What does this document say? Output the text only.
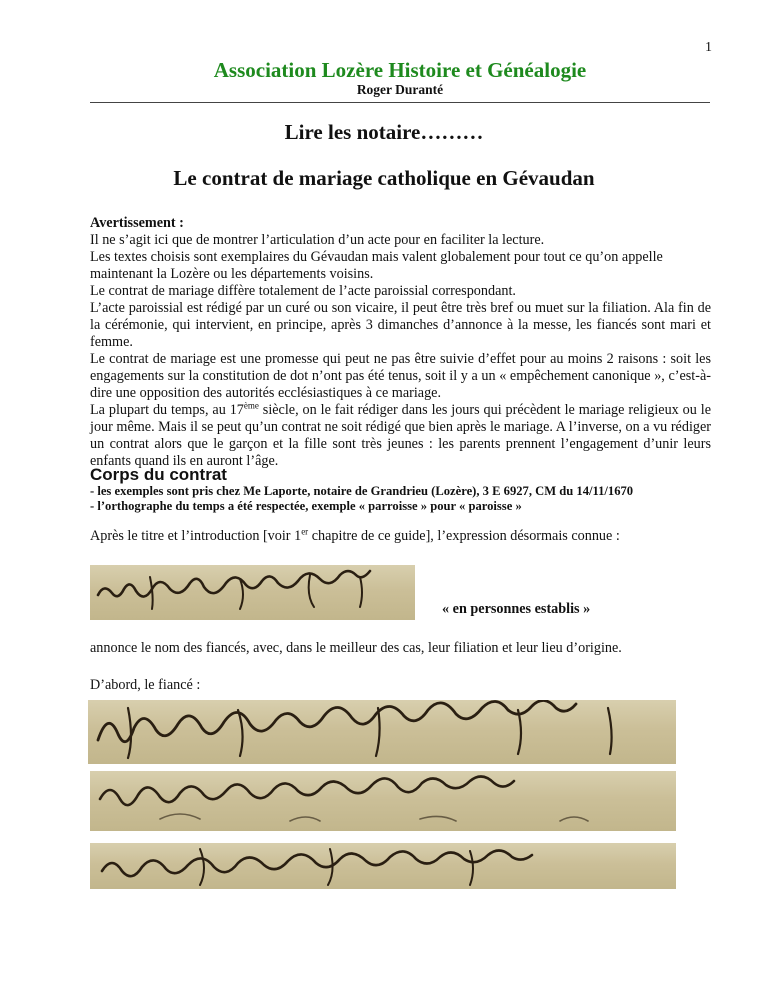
1
Association Lozère Histoire et Généalogie
Roger Duranté
Lire les notaire………
Le contrat de mariage catholique en Gévaudan

Avertissement :

Il ne s’agit ici que de montrer l’articulation d’un acte pour en faciliter la lecture.

Les textes choisis sont exemplaires du Gévaudan mais valent globalement pour tout ce qu’on appelle maintenant la Lozère ou les départements voisins.

Le contrat de mariage diffère totalement de l’acte paroissial correspondant.

L’acte paroissial est rédigé par un curé ou son vicaire, il peut être très bref ou muet sur la filiation. Ala fin de la cérémonie, qui intervient, en principe, après 3 dimanches d’annonce à la messe, les fiancés sont mari et femme.

Le contrat de mariage est une promesse qui peut ne pas être suivie d’effet pour au moins 2 raisons : soit les engagements sur la constitution de dot n’ont pas été tenus, soit il y a un « empêchement canonique », c’est-à-dire une opposition des autorités ecclésiastiques à ce mariage.

La plupart du temps, au 17ème siècle, on le fait rédiger dans les jours qui précèdent le mariage religieux ou le jour même. Mais il se peut qu’un contrat ne soit rédigé que bien après le mariage. A l’inverse, on a vu rédiger un contrat alors que le garçon et la fille sont très jeunes : les parents prennent l’engagement d’unir leurs enfants quand ils en auront l’âge.

Corps du contrat
- les exemples sont pris chez Me Laporte, notaire de Grandrieu (Lozère), 3 E 6927, CM du 14/11/1670
- l’orthographe du temps a été respectée, exemple « parroisse » pour « paroisse »
Après le titre et l’introduction [voir 1er chapitre de ce guide], l’expression désormais connue :
« en personnes establis »
annonce le nom des fiancés, avec, dans le meilleur des cas, leur filiation et leur lieu d’origine.
D’abord, le fiancé :
